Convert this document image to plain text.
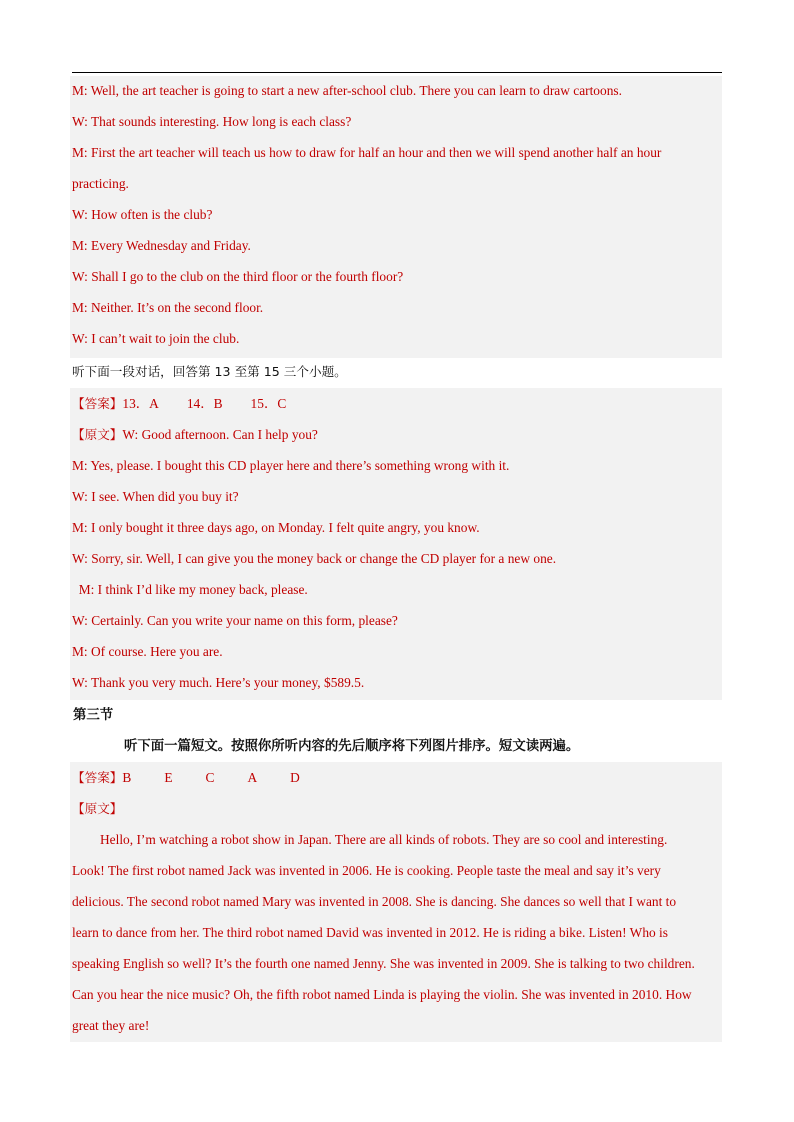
M: Well, the art teacher is going to start a new after-school club. There you can learn to draw cartoons.
W: That sounds interesting. How long is each class?
M: First the art teacher will teach us how to draw for half an hour and then we will spend another half an hour
practicing.
W: How often is the club?
M: Every Wednesday and Friday.
W: Shall I go to the club on the third floor or the fourth floor?
M: Neither. It’s on the second floor.
W: I can’t wait to join the club.
听下面一段对话，回答第 13 至第 15 三个小题。
【答案】13．A 14．B 15．C
【原文】W: Good afternoon. Can I help you?
M: Yes, please. I bought this CD player here and there’s something wrong with it.
W: I see. When did you buy it?
M: I only bought it three days ago, on Monday. I felt quite angry, you know.
W: Sorry, sir. Well, I can give you the money back or change the CD player for a new one.
M: I think I’d like my money back, please.
W: Certainly. Can you write your name on this form, please?
M: Of course. Here you are.
W: Thank you very much. Here’s your money, $589.5.
第三节
听下面一篇短文。按照你所听内容的先后顺序将下列图片排序。短文读两遍。
【答案】B E C A D
【原文】
Hello, I’m watching a robot show in Japan. There are all kinds of robots. They are so cool and interesting.
Look! The first robot named Jack was invented in 2006. He is cooking. People taste the meal and say it’s very
delicious. The second robot named Mary was invented in 2008. She is dancing. She dances so well that I want to
learn to dance from her. The third robot named David was invented in 2012. He is riding a bike. Listen! Who is
speaking English so well? It’s the fourth one named Jenny. She was invented in 2009. She is talking to two children.
Can you hear the nice music? Oh, the fifth robot named Linda is playing the violin. She was invented in 2010. How
great they are!
